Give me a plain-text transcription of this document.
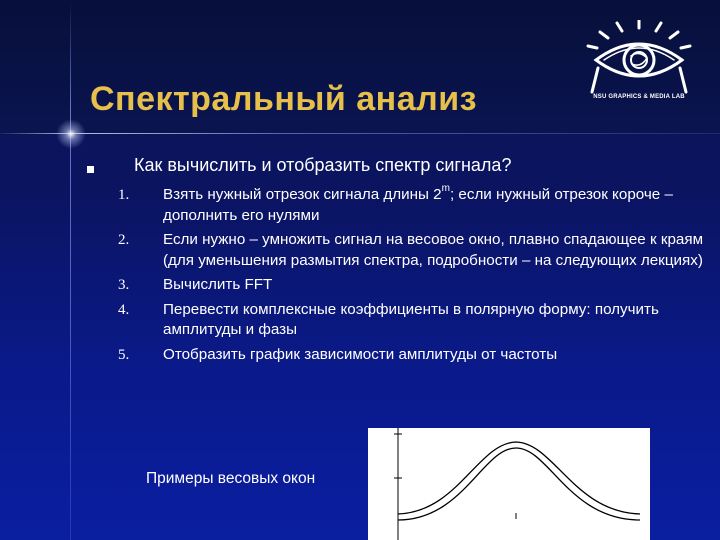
Спектральный анализ	NSU GRAPHICS & MEDIA LAB
Как вычислить и отобразить спектр сигнала?
1.	Взять нужный отрезок сигнала длины 2$^m$; если нужный отрезок короче – дополнить его нулями
2.	Если нужно – умножить сигнал на весовое окно, плавно спадающее к краям (для уменьшения размытия спектра, подробности – на следующих лекциях)
3.	Вычислить FFT
4.	Перевести комплексные коэффициенты в полярную форму: получить амплитуды и фазы
5.	Отобразить график зависимости амплитуды от частоты
Примеры весовых окон
